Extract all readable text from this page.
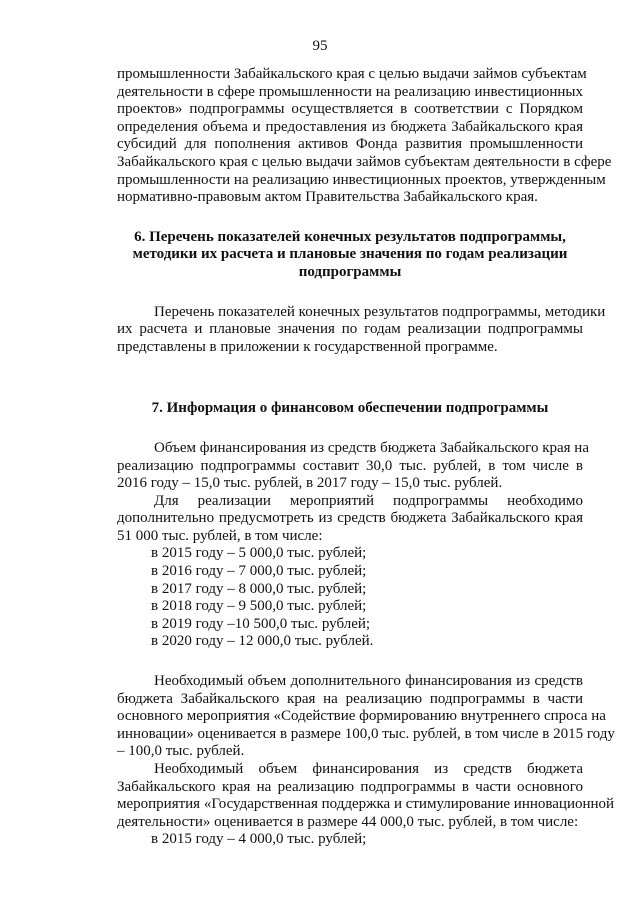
95
промышленности Забайкальского края с целью выдачи займов субъектам
деятельности в сфере промышленности на реализацию инвестиционных
проектов» подпрограммы осуществляется в соответствии с Порядком
определения объема и предоставления из бюджета Забайкальского края
субсидий для пополнения активов Фонда развития промышленности
Забайкальского края с целью выдачи займов субъектам деятельности в сфере
промышленности на реализацию инвестиционных проектов, утвержденным
нормативно-правовым актом Правительства Забайкальского края.
6. Перечень показателей конечных результатов подпрограммы,
методики их расчета и плановые значения по годам реализации
подпрограммы
Перечень показателей конечных результатов подпрограммы, методики
их расчета и плановые значения по годам реализации подпрограммы
представлены в приложении к государственной программе.
7. Информация о финансовом обеспечении подпрограммы
Объем финансирования из средств бюджета Забайкальского края на
реализацию подпрограммы составит 30,0 тыс. рублей, в том числе в
2016 году – 15,0 тыс. рублей, в 2017 году – 15,0 тыс. рублей.
Для реализации мероприятий подпрограммы необходимо
дополнительно предусмотреть из средств бюджета Забайкальского края
51 000 тыс. рублей, в том числе:
в 2015 году – 5 000,0 тыс. рублей;
в 2016 году – 7 000,0 тыс. рублей;
в 2017 году – 8 000,0 тыс. рублей;
в 2018 году – 9 500,0 тыс. рублей;
в 2019 году –10 500,0 тыс. рублей;
в 2020 году – 12 000,0 тыс. рублей.
Необходимый объем дополнительного финансирования из средств
бюджета Забайкальского края на реализацию подпрограммы в части
основного мероприятия «Содействие формированию внутреннего спроса на
инновации» оценивается в размере 100,0 тыс. рублей, в том числе в 2015 году
– 100,0 тыс. рублей.
Необходимый объем финансирования из средств бюджета
Забайкальского края на реализацию подпрограммы в части основного
мероприятия «Государственная поддержка и стимулирование инновационной
деятельности» оценивается в размере 44 000,0 тыс. рублей, в том числе:
в 2015 году – 4 000,0 тыс. рублей;
